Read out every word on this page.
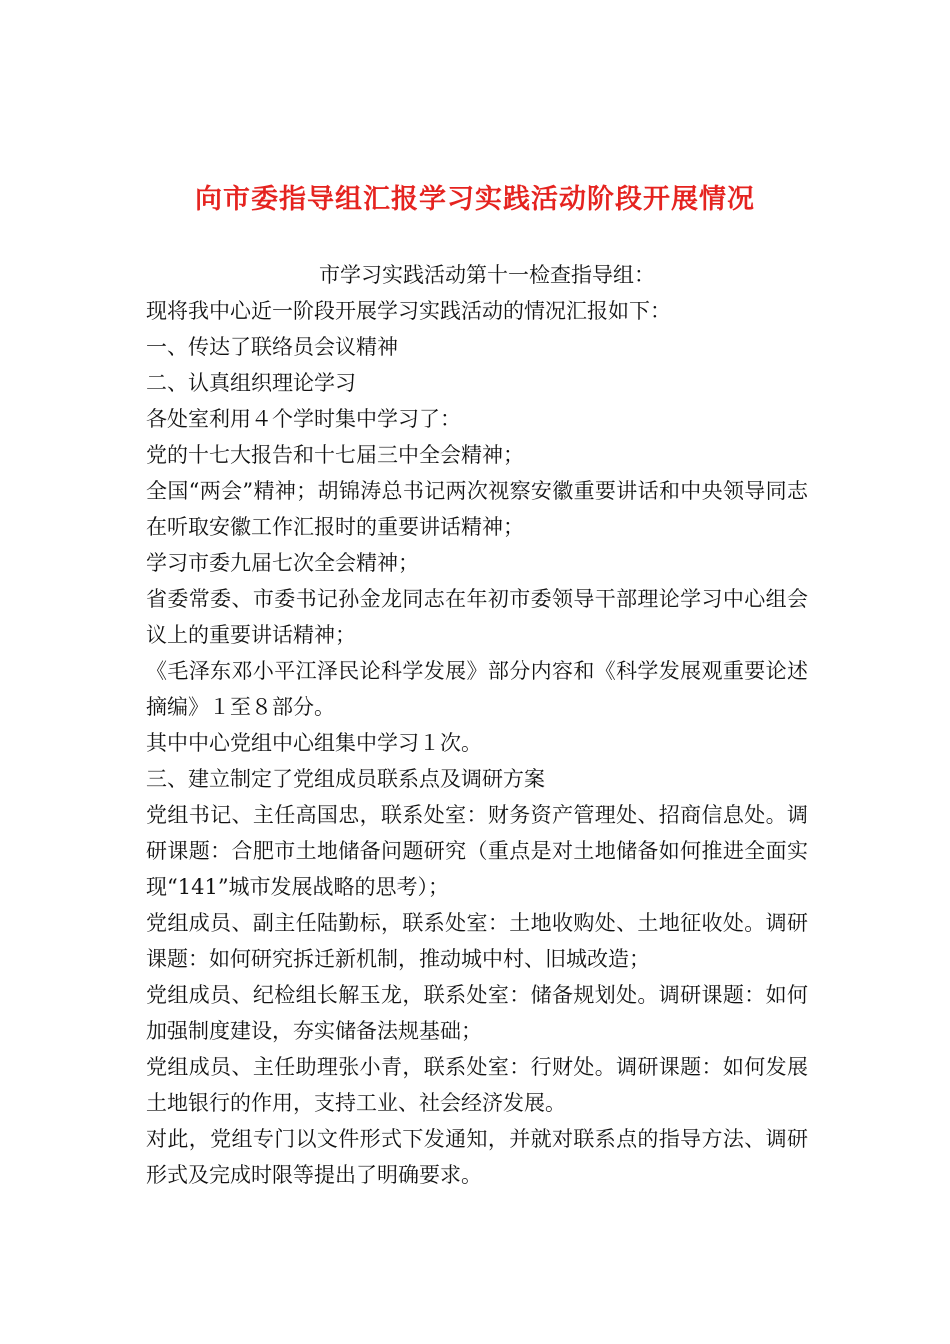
向市委指导组汇报学习实践活动阶段开展情况

市学习实践活动第十一检查指导组：

现将我中心近一阶段开展学习实践活动的情况汇报如下：

一、传达了联络员会议精神

二、认真组织理论学习

各处室利用４个学时集中学习了：

党的十七大报告和十七届三中全会精神；

全国“两会”精神；胡锦涛总书记两次视察安徽重要讲话和中央领导同志在听取安徽工作汇报时的重要讲话精神；

学习市委九届七次全会精神；

省委常委、市委书记孙金龙同志在年初市委领导干部理论学习中心组会议上的重要讲话精神；

《毛泽东邓小平江泽民论科学发展》部分内容和《科学发展观重要论述摘编》１至８部分。

其中中心党组中心组集中学习１次。

三、建立制定了党组成员联系点及调研方案

党组书记、主任高国忠，联系处室：财务资产管理处、招商信息处。调研课题：合肥市土地储备问题研究（重点是对土地储备如何推进全面实现“141”城市发展战略的思考）；

党组成员、副主任陆勤标，联系处室：土地收购处、土地征收处。调研课题：如何研究拆迁新机制，推动城中村、旧城改造；

党组成员、纪检组长解玉龙，联系处室：储备规划处。调研课题：如何加强制度建设，夯实储备法规基础；

党组成员、主任助理张小青，联系处室：行财处。调研课题：如何发展土地银行的作用，支持工业、社会经济发展。

对此，党组专门以文件形式下发通知，并就对联系点的指导方法、调研形式及完成时限等提出了明确要求。
